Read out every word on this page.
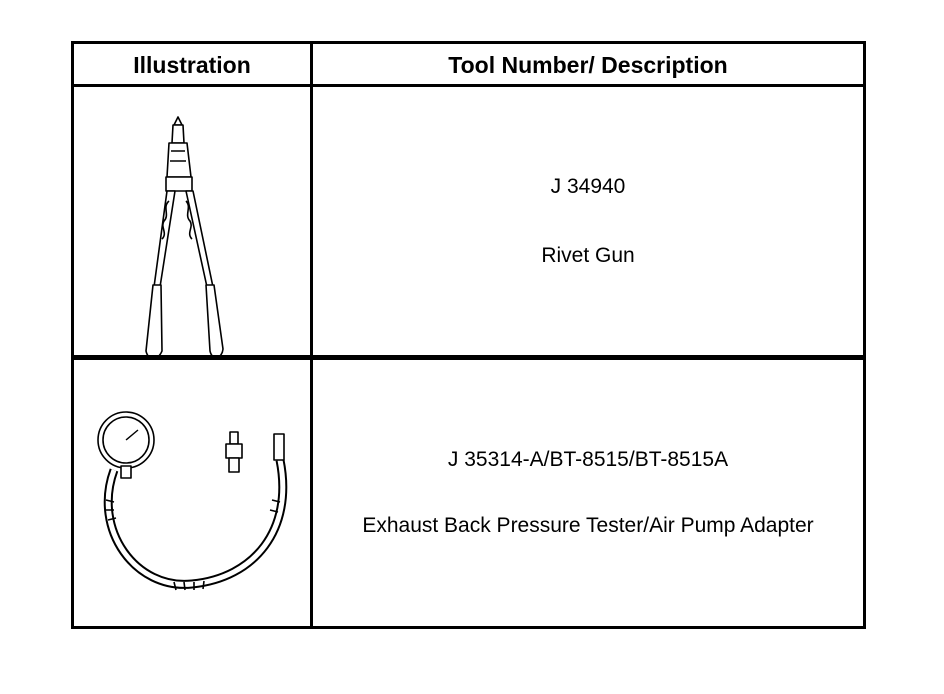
Illustration	Tool Number/ Description
J 34940
Rivet Gun
J 35314-A/BT-8515/BT-8515A
Exhaust Back Pressure Tester/Air Pump Adapter
